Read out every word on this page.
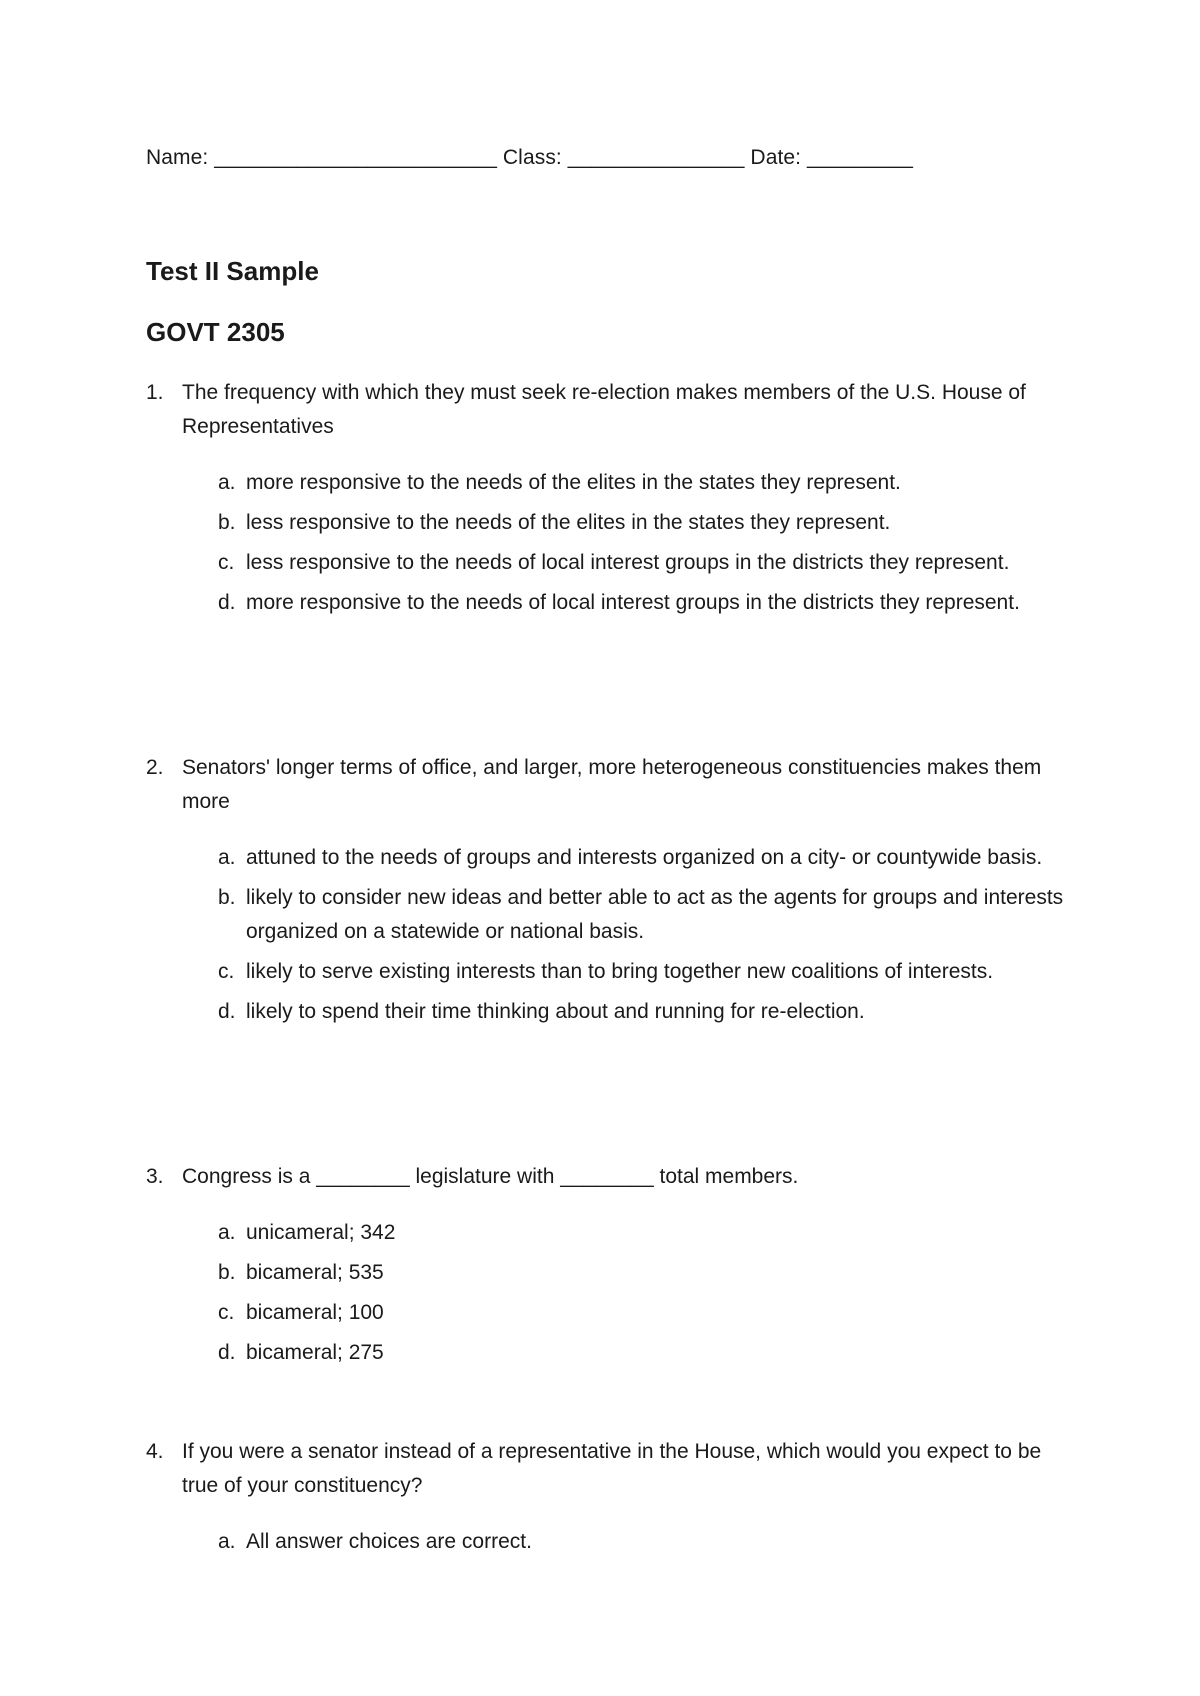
Name: ________________________ Class: _______________ Date: _________
Test II Sample
GOVT 2305
1. The frequency with which they must seek re-election makes members of the U.S. House of Representatives
a. more responsive to the needs of the elites in the states they represent.
b. less responsive to the needs of the elites in the states they represent.
c. less responsive to the needs of local interest groups in the districts they represent.
d. more responsive to the needs of local interest groups in the districts they represent.
2. Senators' longer terms of office, and larger, more heterogeneous constituencies makes them more
a. attuned to the needs of groups and interests organized on a city- or countywide basis.
b. likely to consider new ideas and better able to act as the agents for groups and interests organized on a statewide or national basis.
c. likely to serve existing interests than to bring together new coalitions of interests.
d. likely to spend their time thinking about and running for re-election.
3. Congress is a ________ legislature with ________ total members.
a. unicameral; 342
b. bicameral; 535
c. bicameral; 100
d. bicameral; 275
4. If you were a senator instead of a representative in the House, which would you expect to be true of your constituency?
a. All answer choices are correct.
